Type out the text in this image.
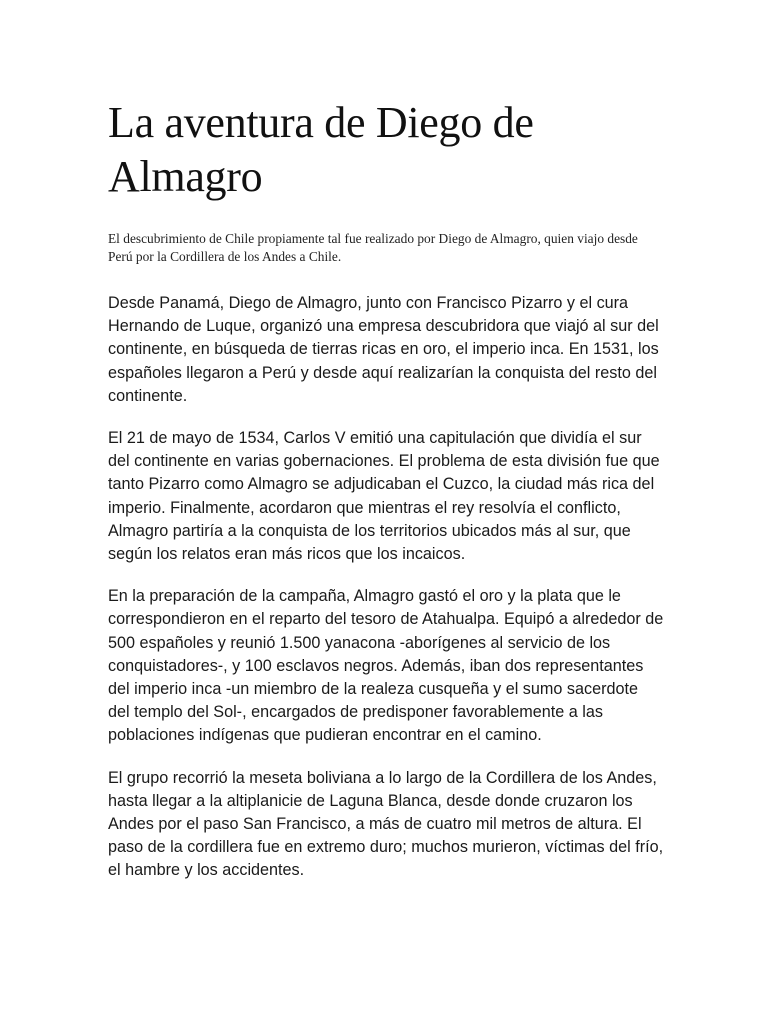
La aventura de Diego de Almagro

El descubrimiento de Chile propiamente tal fue realizado por Diego de Almagro, quien viajo desde Perú por la Cordillera de los Andes a Chile.

Desde Panamá, Diego de Almagro, junto con Francisco Pizarro y el cura Hernando de Luque, organizó una empresa descubridora que viajó al sur del continente, en búsqueda de tierras ricas en oro, el imperio inca. En 1531, los españoles llegaron a Perú y desde aquí realizarían la conquista del resto del continente.

El 21 de mayo de 1534, Carlos V emitió una capitulación que dividía el sur del continente en varias gobernaciones. El problema de esta división fue que tanto Pizarro como Almagro se adjudicaban el Cuzco, la ciudad más rica del imperio. Finalmente, acordaron que mientras el rey resolvía el conflicto, Almagro partiría a la conquista de los territorios ubicados más al sur, que según los relatos eran más ricos que los incaicos.

En la preparación de la campaña, Almagro gastó el oro y la plata que le correspondieron en el reparto del tesoro de Atahualpa. Equipó a alrededor de 500 españoles y reunió 1.500 yanacona -aborígenes al servicio de los conquistadores-, y 100 esclavos negros. Además, iban dos representantes del imperio inca -un miembro de la realeza cusqueña y el sumo sacerdote del templo del Sol-, encargados de predisponer favorablemente a las poblaciones indígenas que pudieran encontrar en el camino.

El grupo recorrió la meseta boliviana a lo largo de la Cordillera de los Andes, hasta llegar a la altiplanicie de Laguna Blanca, desde donde cruzaron los Andes por el paso San Francisco, a más de cuatro mil metros de altura. El paso de la cordillera fue en extremo duro; muchos murieron, víctimas del frío, el hambre y los accidentes.
